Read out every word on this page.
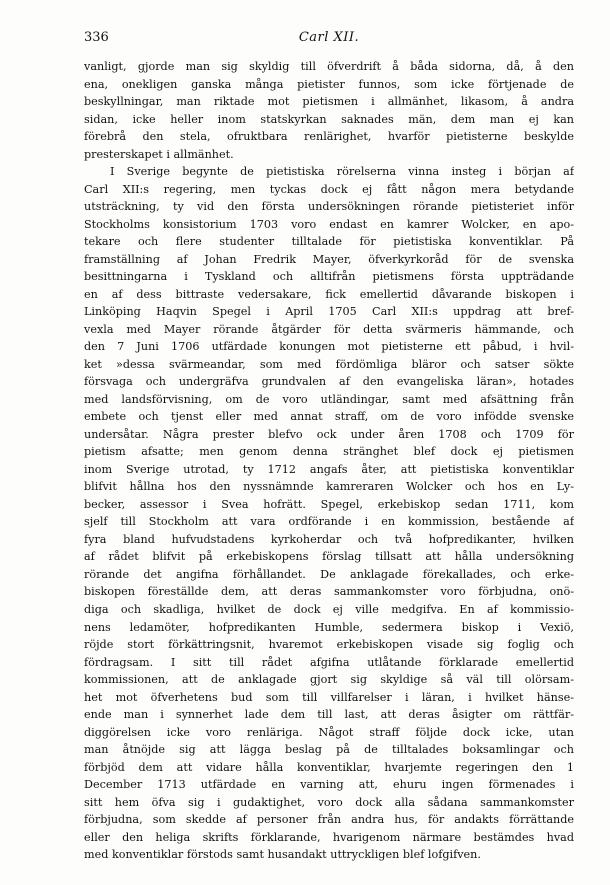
336	Carl XII.
vanligt, gjorde man sig skyldig till öfverdrift å båda sidorna, då, å den
ena, onekligen ganska många pietister funnos, som icke förtjenade de
beskyllningar, man riktade mot pietismen i allmänhet, likasom, å andra
sidan, icke heller inom statskyrkan saknades män, dem man ej kan
förebrå den stela, ofruktbara renlärighet, hvarför pietisterne beskylde
presterskapet i allmänhet.
I Sverige begynte de pietistiska rörelserna vinna insteg i början af
Carl XII:s regering, men tyckas dock ej fått någon mera betydande
utsträckning, ty vid den första undersökningen rörande pietisteriet inför
Stockholms konsistorium 1703 voro endast en kamrer Wolcker, en apo-
tekare och flere studenter tilltalade för pietistiska konventiklar. På
framställning af Johan Fredrik Mayer, öfverkyrkoråd för de svenska
besittningarna i Tyskland och alltifrån pietismens första uppträdande
en af dess bittraste vedersakare, fick emellertid dåvarande biskopen i
Linköping Haqvin Spegel i April 1705 Carl XII:s uppdrag att bref-
vexla med Mayer rörande åtgärder för detta svärmeris hämmande, och
den 7 Juni 1706 utfärdade konungen mot pietisterne ett påbud, i hvil-
ket »dessa svärmeandar, som med fördömliga bläror och satser sökte
försvaga och undergräfva grundvalen af den evangeliska läran», hotades
med landsförvisning, om de voro utländingar, samt med afsättning från
embete och tjenst eller med annat straff, om de voro infödde svenske
undersåtar. Några prester blefvo ock under åren 1708 och 1709 för
pietism afsatte; men genom denna stränghet blef dock ej pietismen
inom Sverige utrotad, ty 1712 angafs åter, att pietistiska konventiklar
blifvit hållna hos den nyssnämnde kamreraren Wolcker och hos en Ly-
becker, assessor i Svea hofrätt. Spegel, erkebiskop sedan 1711, kom
sjelf till Stockholm att vara ordförande i en kommission, bestående af
fyra bland hufvudstadens kyrkoherdar och två hofpredikanter, hvilken
af rådet blifvit på erkebiskopens förslag tillsatt att hålla undersökning
rörande det angifna förhållandet. De anklagade förekallades, och erke-
biskopen föreställde dem, att deras sammankomster voro förbjudna, onö-
diga och skadliga, hvilket de dock ej ville medgifva. En af kommissio-
nens ledamöter, hofpredikanten Humble, sedermera biskop i Vexiö,
röjde stort förkättringsnit, hvaremot erkebiskopen visade sig foglig och
fördragsam. I sitt till rådet afgifna utlåtande förklarade emellertid
kommissionen, att de anklagade gjort sig skyldige så väl till olörsam-
het mot öfverhetens bud som till villfarelser i läran, i hvilket hänse-
ende man i synnerhet lade dem till last, att deras åsigter om rättfär-
diggörelsen icke voro renläriga. Något straff följde dock icke, utan
man åtnöjde sig att lägga beslag på de tilltalades boksamlingar och
förbjöd dem att vidare hålla konventiklar, hvarjemte regeringen den 1
December 1713 utfärdade en varning att, ehuru ingen förmenades i
sitt hem öfva sig i gudaktighet, voro dock alla sådana sammankomster
förbjudna, som skedde af personer från andra hus, för andakts förrättande
eller den heliga skrifts förklarande, hvarigenom närmare bestämdes hvad
med konventiklar förstods samt husandakt uttryckligen blef lofgifven.
